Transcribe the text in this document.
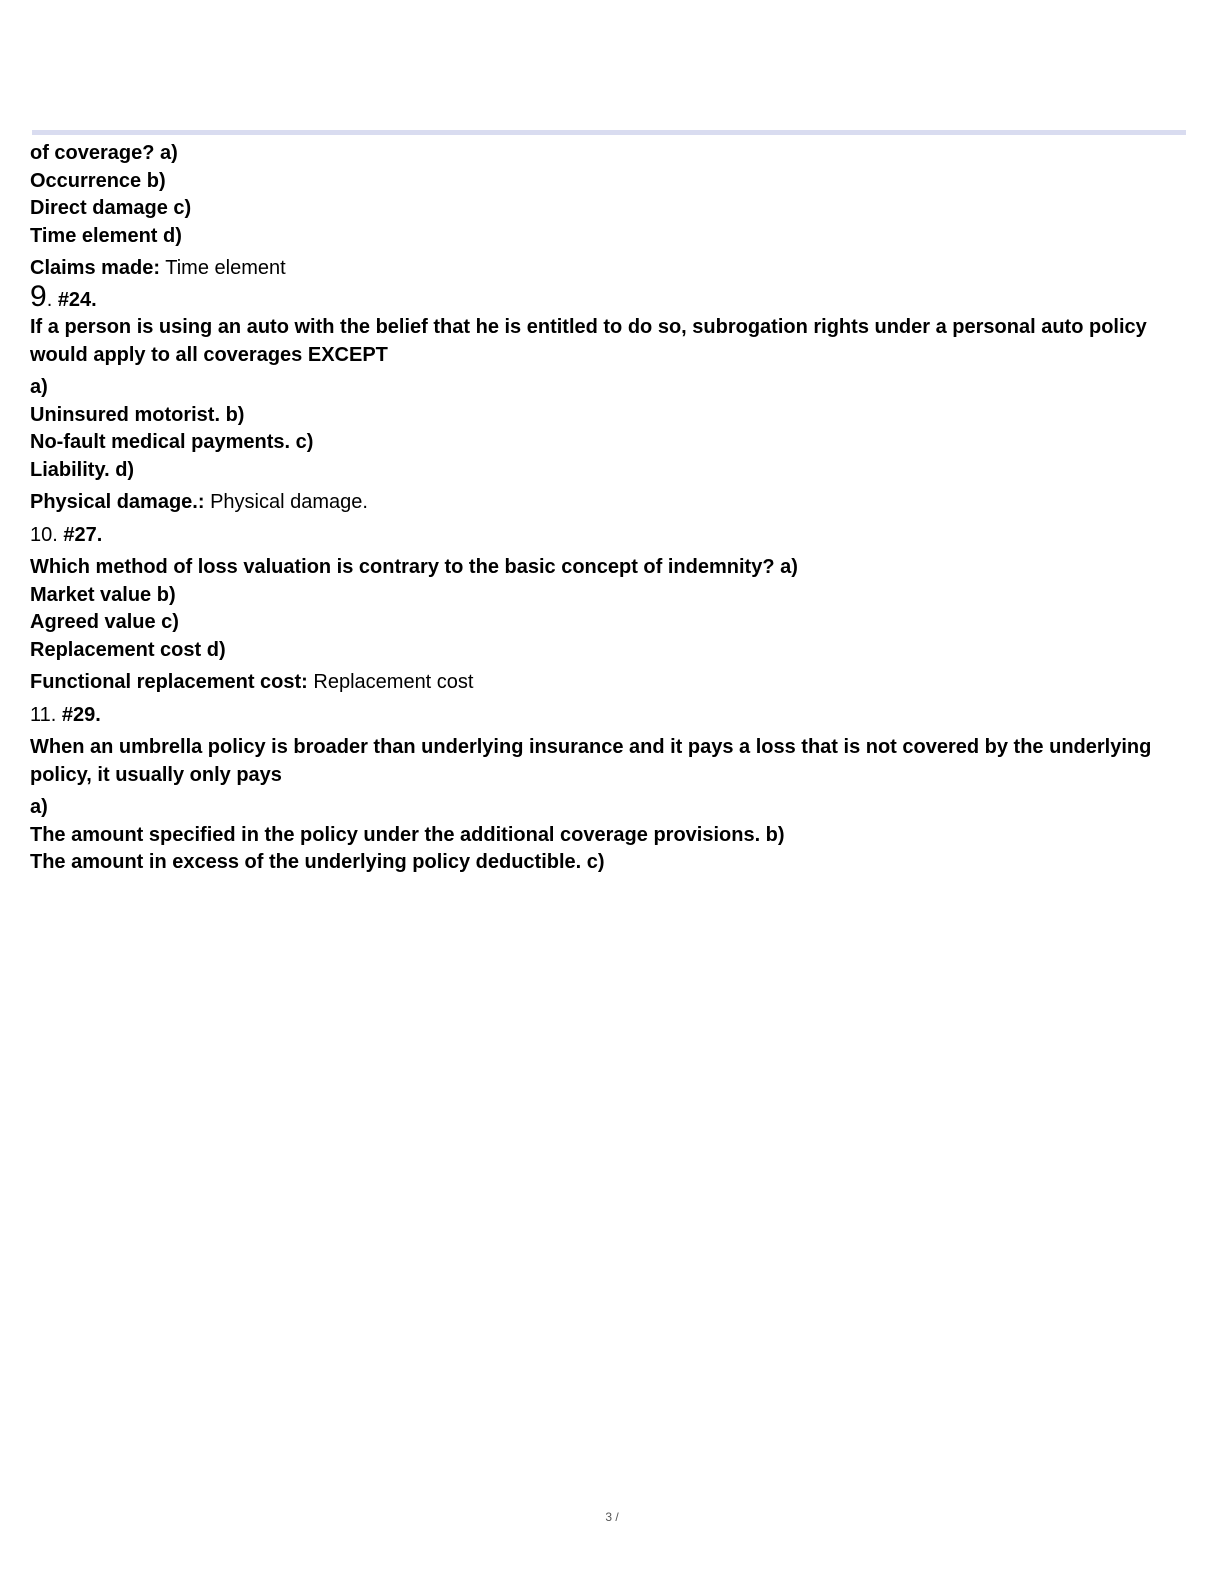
of coverage? a)
Occurrence b)
Direct damage c)
Time element d)
Claims made: Time element
9. #24.
If a person is using an auto with the belief that he is entitled to do so, subrogation rights under a personal auto policy would apply to all coverages EXCEPT
a)
Uninsured motorist. b)
No-fault medical payments. c)
Liability. d)
Physical damage.: Physical damage.
10. #27.
Which method of loss valuation is contrary to the basic concept of indemnity? a)
Market value b)
Agreed value c)
Replacement cost d)
Functional replacement cost: Replacement cost
11. #29.
When an umbrella policy is broader than underlying insurance and it pays a loss that is not covered by the underlying policy, it usually only pays
a)
The amount specified in the policy under the additional coverage provisions. b)
The amount in excess of the underlying policy deductible. c)
3 /
